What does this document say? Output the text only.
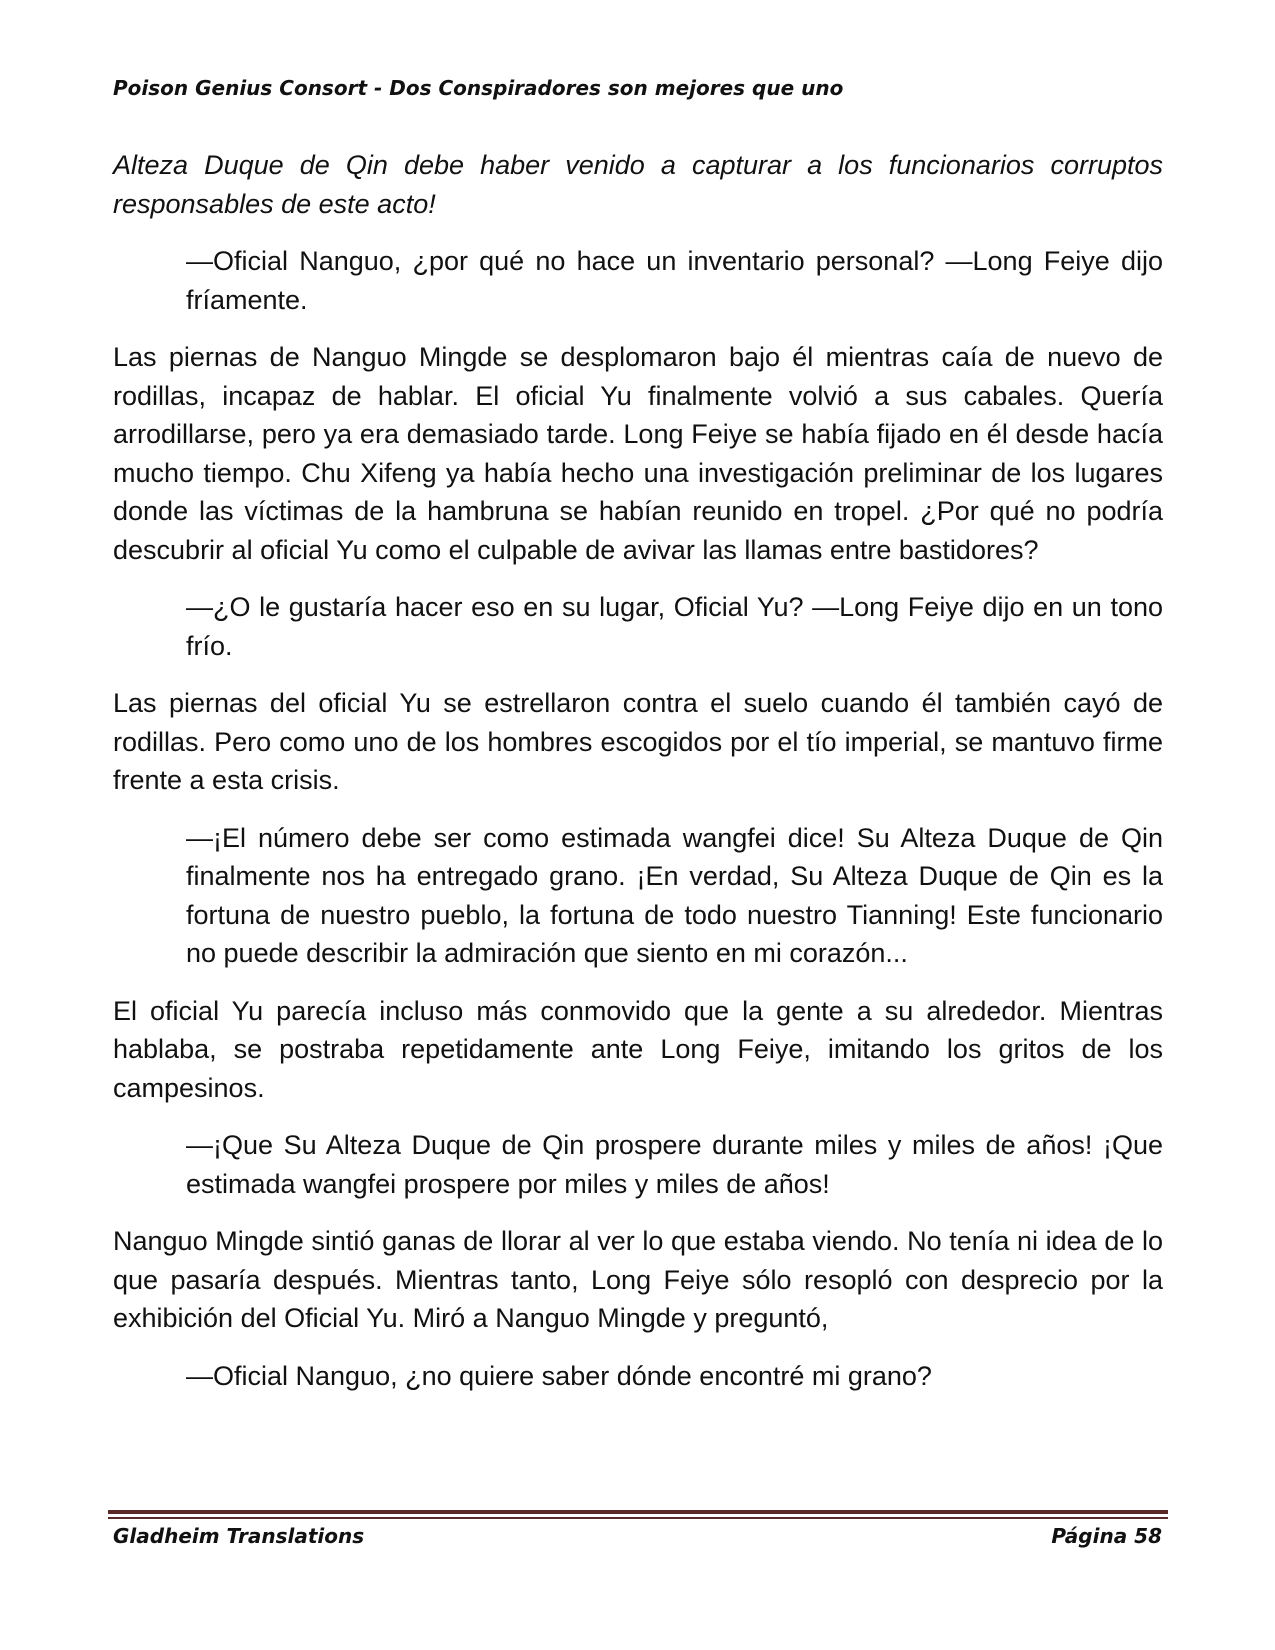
Poison Genius Consort - Dos Conspiradores son mejores que uno

Alteza Duque de Qin debe haber venido a capturar a los funcionarios corruptos responsables de este acto!

—Oficial Nanguo, ¿por qué no hace un inventario personal? —Long Feiye dijo fríamente.

Las piernas de Nanguo Mingde se desplomaron bajo él mientras caía de nuevo de rodillas, incapaz de hablar. El oficial Yu finalmente volvió a sus cabales. Quería arrodillarse, pero ya era demasiado tarde. Long Feiye se había fijado en él desde hacía mucho tiempo. Chu Xifeng ya había hecho una investigación preliminar de los lugares donde las víctimas de la hambruna se habían reunido en tropel. ¿Por qué no podría descubrir al oficial Yu como el culpable de avivar las llamas entre bastidores?

—¿O le gustaría hacer eso en su lugar, Oficial Yu? —Long Feiye dijo en un tono frío.

Las piernas del oficial Yu se estrellaron contra el suelo cuando él también cayó de rodillas. Pero como uno de los hombres escogidos por el tío imperial, se mantuvo firme frente a esta crisis.

—¡El número debe ser como estimada wangfei dice! Su Alteza Duque de Qin finalmente nos ha entregado grano. ¡En verdad, Su Alteza Duque de Qin es la fortuna de nuestro pueblo, la fortuna de todo nuestro Tianning! Este funcionario no puede describir la admiración que siento en mi corazón...

El oficial Yu parecía incluso más conmovido que la gente a su alrededor. Mientras hablaba, se postraba repetidamente ante Long Feiye, imitando los gritos de los campesinos.

—¡Que Su Alteza Duque de Qin prospere durante miles y miles de años! ¡Que estimada wangfei prospere por miles y miles de años!

Nanguo Mingde sintió ganas de llorar al ver lo que estaba viendo. No tenía ni idea de lo que pasaría después. Mientras tanto, Long Feiye sólo resopló con desprecio por la exhibición del Oficial Yu. Miró a Nanguo Mingde y preguntó,

—Oficial Nanguo, ¿no quiere saber dónde encontré mi grano?

Gladheim Translations	Página 58
